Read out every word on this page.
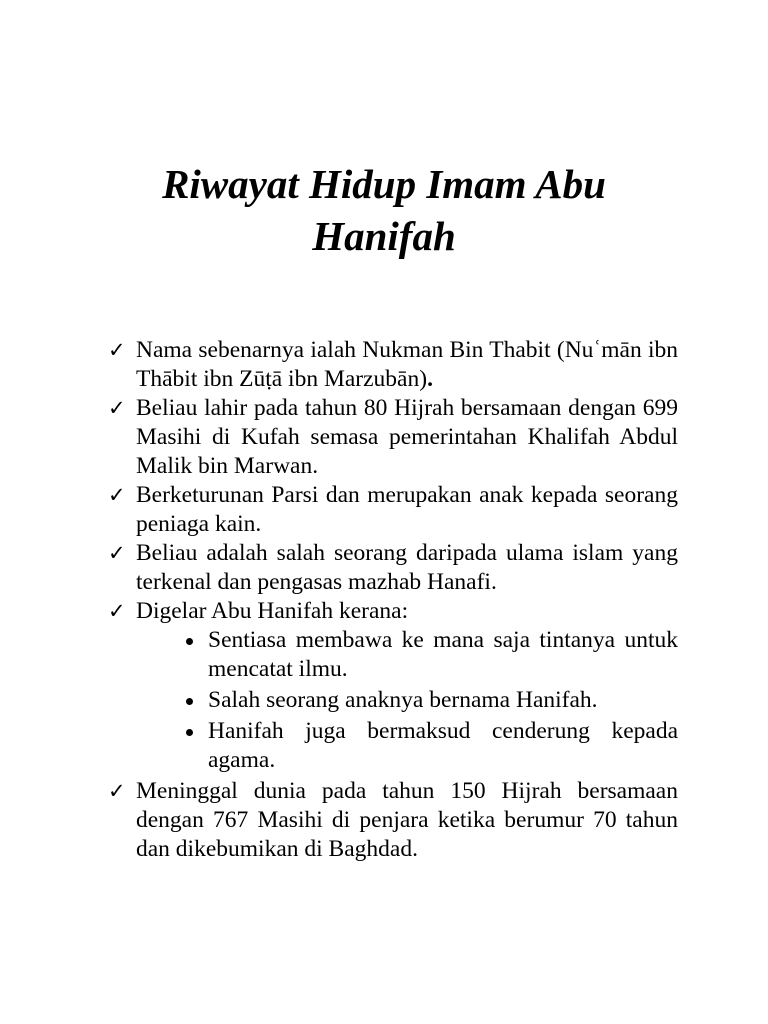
Riwayat Hidup Imam Abu
Hanifah
✓ Nama sebenarnya ialah Nukman Bin Thabit (Nuʿmān ibn Thābit ibn Zūṭā ibn Marzubān).
✓ Beliau lahir pada tahun 80 Hijrah bersamaan dengan 699 Masihi di Kufah semasa pemerintahan Khalifah Abdul Malik bin Marwan.
✓ Berketurunan Parsi dan merupakan anak kepada seorang peniaga kain.
✓ Beliau adalah salah seorang daripada ulama islam yang terkenal dan pengasas mazhab Hanafi.
✓ Digelar Abu Hanifah kerana:
Sentiasa membawa ke mana saja tintanya untuk mencatat ilmu.
Salah seorang anaknya bernama Hanifah.
Hanifah juga bermaksud cenderung kepada agama.
✓ Meninggal dunia pada tahun 150 Hijrah bersamaan dengan 767 Masihi di penjara ketika berumur 70 tahun dan dikebumikan di Baghdad.
